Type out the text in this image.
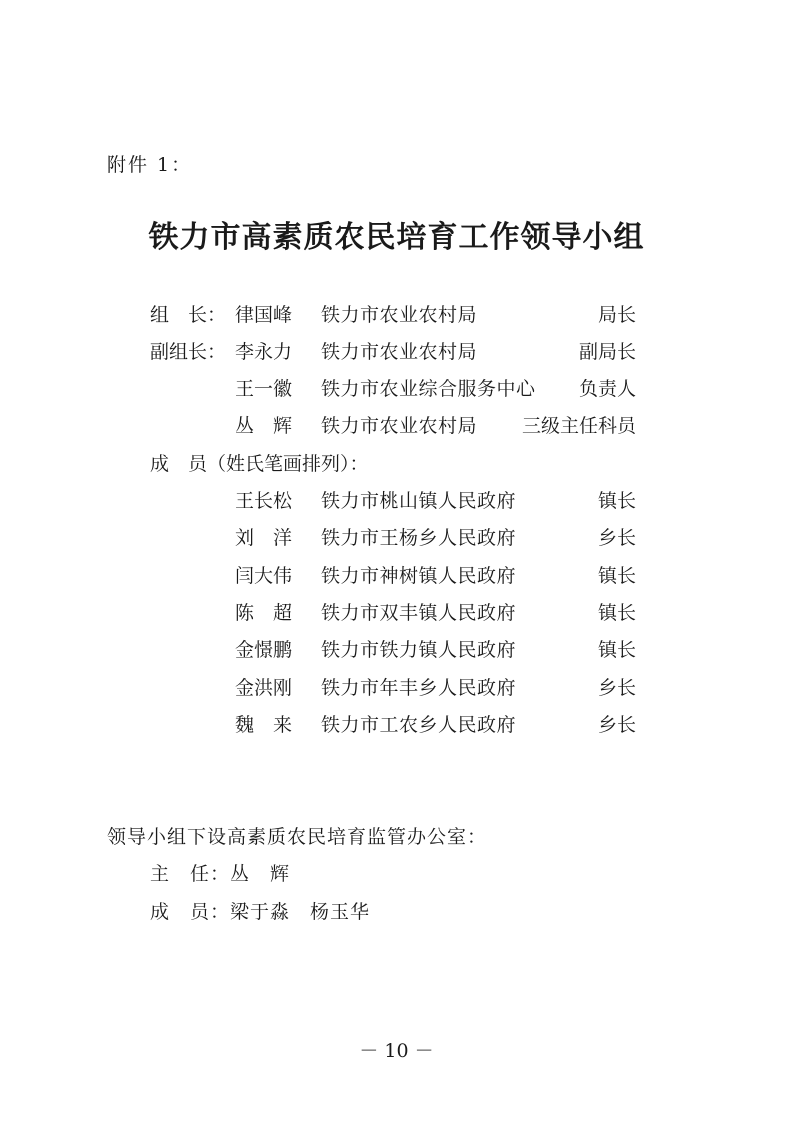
附件 1：
铁力市高素质农民培育工作领导小组
组　长： 律国峰 铁力市农业农村局	局长
副组长： 李永力 铁力市农业农村局	副局长
王一徽 铁力市农业综合服务中心 负责人
丛　辉 铁力市农业农村局 三级主任科员
成　员（姓氏笔画排列）：
王长松 铁力市桃山镇人民政府	镇长
刘　洋 铁力市王杨乡人民政府	乡长
闫大伟 铁力市神树镇人民政府	镇长
陈　超 铁力市双丰镇人民政府	镇长
金憬鹏 铁力市铁力镇人民政府	镇长
金洪刚 铁力市年丰乡人民政府	乡长
魏　来 铁力市工农乡人民政府	乡长
领导小组下设高素质农民培育监管办公室：
主　任：丛　辉
成　员：梁于淼　杨玉华
－ 10 －
